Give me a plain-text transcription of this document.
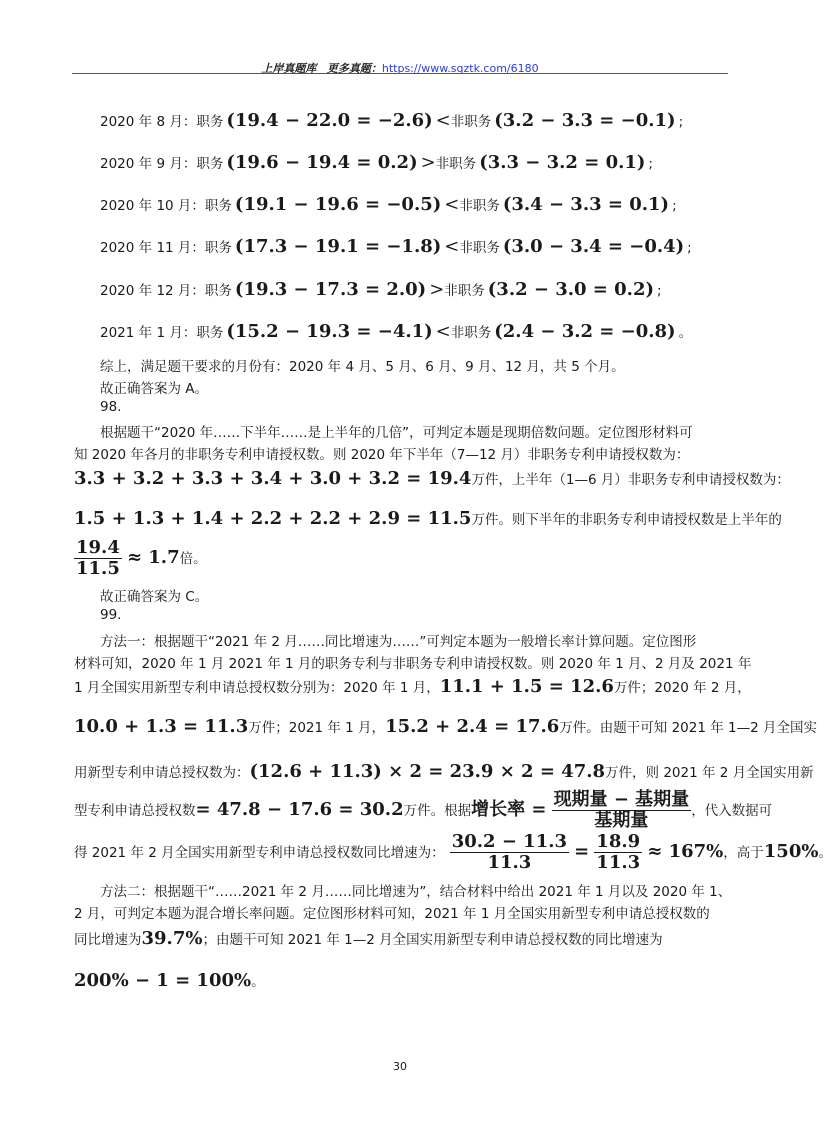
上岸真题库 更多真题：https://www.sqztk.com/6180
2020 年 8 月：职务 (19.4 − 22.0 = −2.6) <非职务 (3.2 − 3.3 = −0.1) ;
2020 年 9 月：职务 (19.6 − 19.4 = 0.2) >非职务 (3.3 − 3.2 = 0.1) ;
2020 年 10 月：职务 (19.1 − 19.6 = −0.5) <非职务 (3.4 − 3.3 = 0.1) ;
2020 年 11 月：职务 (17.3 − 19.1 = −1.8) <非职务 (3.0 − 3.4 = −0.4) ;
2020 年 12 月：职务 (19.3 − 17.3 = 2.0) >非职务 (3.2 − 3.0 = 0.2) ;
2021 年 1 月：职务 (15.2 − 19.3 = −4.1) <非职务 (2.4 − 3.2 = −0.8) 。
综上，满足题干要求的月份有：2020 年 4 月、5 月、6 月、9 月、12 月，共 5 个月。
故正确答案为 A。
98.
根据题干“2020 年……下半年……是上半年的几倍”，可判定本题是现期倍数问题。定位图形材料可
知 2020 年各月的非职务专利申请授权数。则 2020 年下半年（7—12 月）非职务专利申请授权数为：
3.3 + 3.2 + 3.3 + 3.4 + 3.0 + 3.2 = 19.4万件，上半年（1—6 月）非职务专利申请授权数为：
1.5 + 1.3 + 1.4 + 2.2 + 2.2 + 2.9 = 11.5万件。则下半年的非职务专利申请授权数是上半年的
$\frac{19.4}{11.5} \approx 1.7$倍。
故正确答案为 C。
99.
方法一：根据题干“2021 年 2 月……同比增速为……”可判定本题为一般增长率计算问题。定位图形
材料可知，2020 年 1 月 2021 年 1 月的职务专利与非职务专利申请授权数。则 2020 年 1 月、2 月及 2021 年
1 月全国实用新型专利申请总授权数分别为：2020 年 1 月，11.1 + 1.5 = 12.6万件；2020 年 2 月，
10.0 + 1.3 = 11.3万件；2021 年 1 月，15.2 + 2.4 = 17.6万件。由题干可知 2021 年 1—2 月全国实
用新型专利申请总授权数为：(12.6 + 11.3) × 2 = 23.9 × 2 = 47.8万件，则 2021 年 2 月全国实用新
型专利申请总授权数= 47.8 − 17.6 = 30.2万件。根据增长率 = $\frac{\text{现期量 − 基期量}}{\text{基期量}}$ ，代入数据可
得 2021 年 2 月全国实用新型专利申请总授权数同比增速为： $\frac{30.2 - 11.3}{11.3} = \frac{18.9}{11.3} \approx 167\%$，高于150%。
方法二：根据题干“……2021 年 2 月……同比增速为”，结合材料中给出 2021 年 1 月以及 2020 年 1、
2 月，可判定本题为混合增长率问题。定位图形材料可知，2021 年 1 月全国实用新型专利申请总授权数的
同比增速为39.7%；由题干可知 2021 年 1—2 月全国实用新型专利申请总授权数的同比增速为
200% − 1 = 100%。
30
